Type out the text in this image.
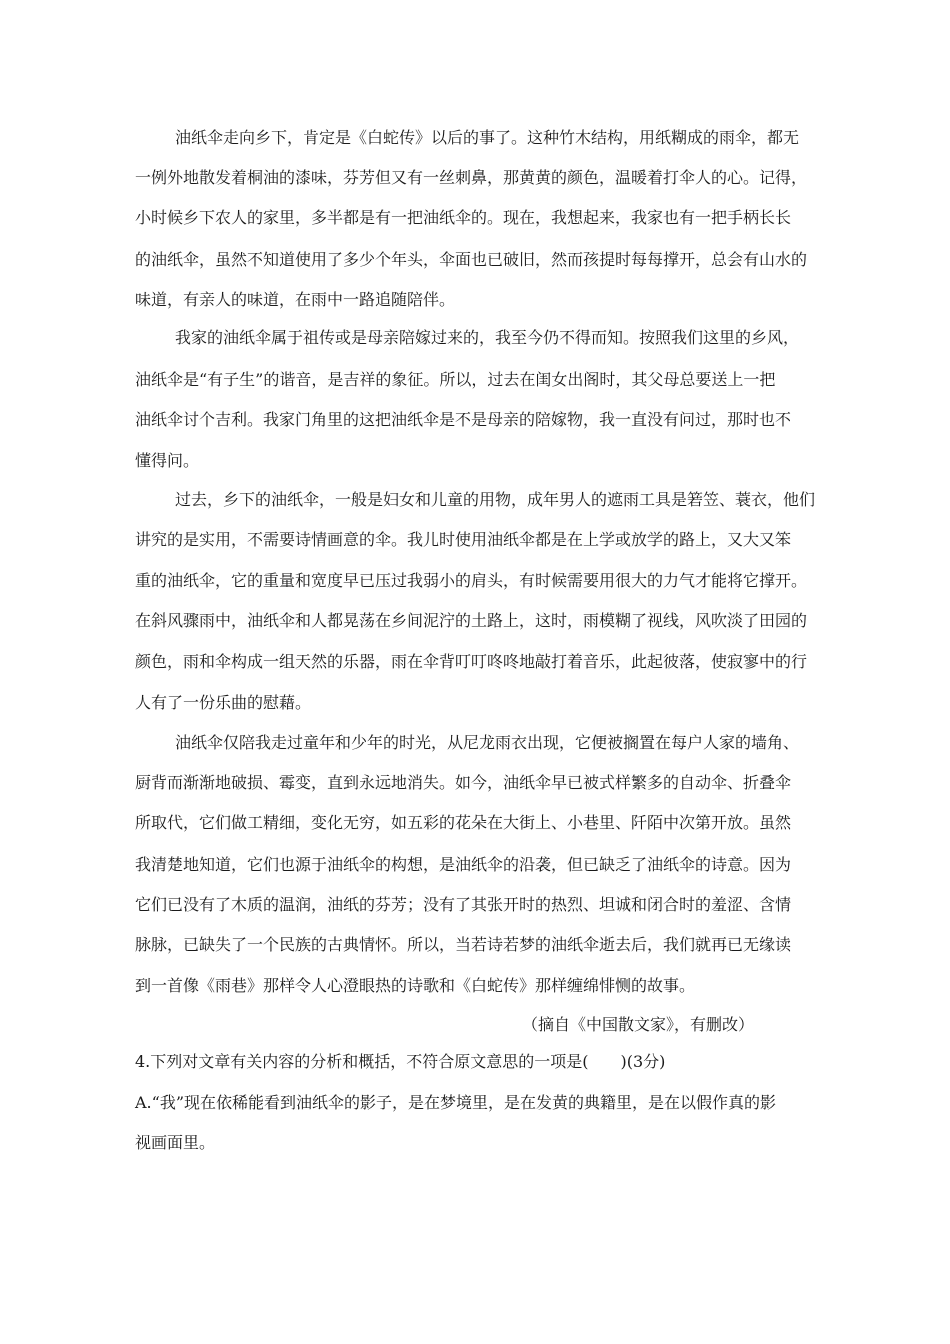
油纸伞走向乡下，肯定是《白蛇传》以后的事了。这种竹木结构，用纸糊成的雨伞，都无
一例外地散发着桐油的漆味，芬芳但又有一丝刺鼻，那黄黄的颜色，温暖着打伞人的心。记得，
小时候乡下农人的家里，多半都是有一把油纸伞的。现在，我想起来，我家也有一把手柄长长
的油纸伞，虽然不知道使用了多少个年头，伞面也已破旧，然而孩提时每每撑开，总会有山水的
味道，有亲人的味道，在雨中一路追随陪伴。
我家的油纸伞属于祖传或是母亲陪嫁过来的，我至今仍不得而知。按照我们这里的乡风，
油纸伞是“有子生”的谐音，是吉祥的象征。所以，过去在闺女出阁时，其父母总要送上一把
油纸伞讨个吉利。我家门角里的这把油纸伞是不是母亲的陪嫁物，我一直没有问过，那时也不
懂得问。
过去，乡下的油纸伞，一般是妇女和儿童的用物，成年男人的遮雨工具是箬笠、蓑衣，他们
讲究的是实用，不需要诗情画意的伞。我儿时使用油纸伞都是在上学或放学的路上，又大又笨
重的油纸伞，它的重量和宽度早已压过我弱小的肩头，有时候需要用很大的力气才能将它撑开。
在斜风骤雨中，油纸伞和人都晃荡在乡间泥泞的土路上，这时，雨模糊了视线，风吹淡了田园的
颜色，雨和伞构成一组天然的乐器，雨在伞背叮叮咚咚地敲打着音乐，此起彼落，使寂寥中的行
人有了一份乐曲的慰藉。
油纸伞仅陪我走过童年和少年的时光，从尼龙雨衣出现，它便被搁置在每户人家的墙角、
厨背而渐渐地破损、霉变，直到永远地消失。如今，油纸伞早已被式样繁多的自动伞、折叠伞
所取代，它们做工精细，变化无穷，如五彩的花朵在大街上、小巷里、阡陌中次第开放。虽然
我清楚地知道，它们也源于油纸伞的构想，是油纸伞的沿袭，但已缺乏了油纸伞的诗意。因为
它们已没有了木质的温润，油纸的芬芳；没有了其张开时的热烈、坦诚和闭合时的羞涩、含情
脉脉，已缺失了一个民族的古典情怀。所以，当若诗若梦的油纸伞逝去后，我们就再已无缘读
到一首像《雨巷》那样令人心澄眼热的诗歌和《白蛇传》那样缠绵悱恻的故事。
（摘自《中国散文家》，有删改）
4.下列对文章有关内容的分析和概括，不符合原文意思的一项是(　　)(3分)
A.“我”现在依稀能看到油纸伞的影子，是在梦境里，是在发黄的典籍里，是在以假作真的影
视画面里。
